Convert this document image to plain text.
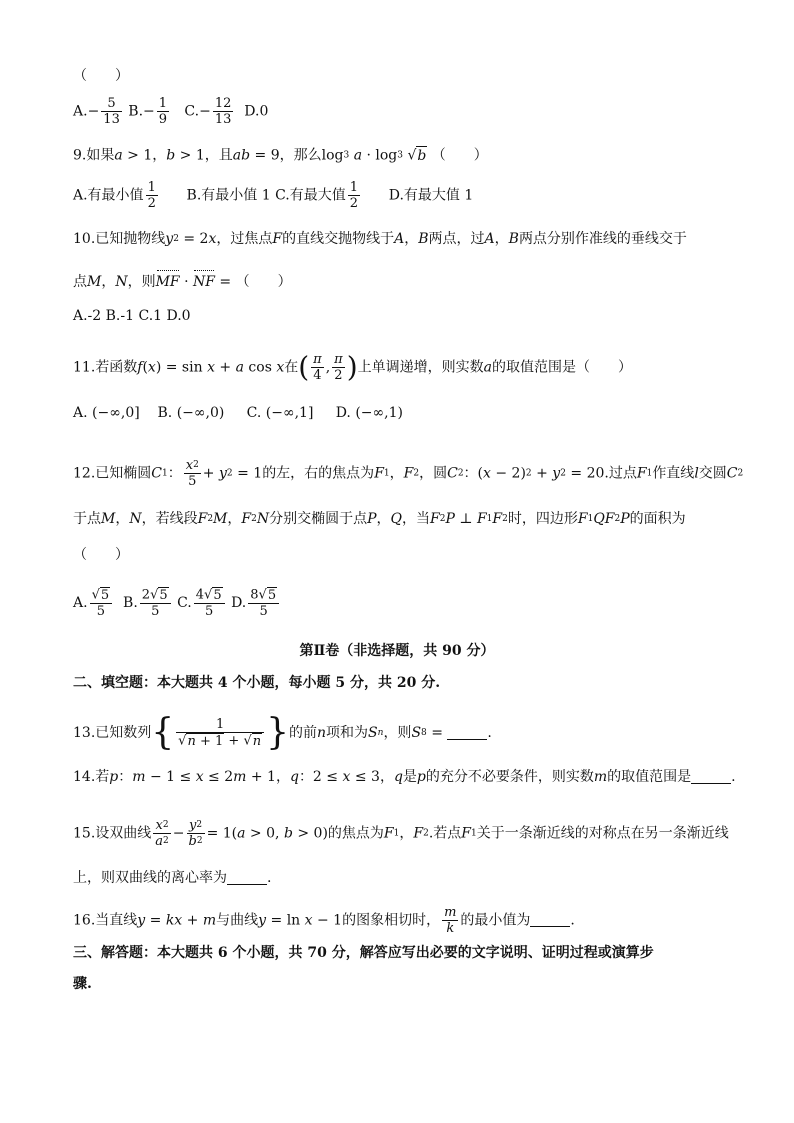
（　　）
$A.- \frac{5}{13} B.- \frac{1}{9} C.- \frac{12}{13} D.0$
9.如果a > 1，b > 1，且ab = 9，那么log3 a · log3 √b （　　）
A.有最小值 $\frac{1}{2} B$.有最小值 1 C.有最大值 $\frac{1}{2} D$.有最大值 1
10.已知抛物线y2 = 2x，过焦点F的直线交抛物线于A，B两点，过A，B两点分别作准线的垂线交于
点M，N，则MF · NF = （　　）
A.-2 B.-1 C.1 D.0
11.若函数f(x) = sin x + a cos x在( $\frac{\pi}{4}$ , $\frac{\pi}{2}$ )上单调递增，则实数a的取值范围是（　　）
A. (−∞,0] B. (−∞,0) C. (−∞,1] D. (−∞,1)
12.已知椭圆C1： $\frac{x2}{5} + y2 = 1$的左，右的焦点为F1，F2，圆C2：(x − 2)2 + y2 = 20.过点F1作直线l交圆C2
于点M，N，若线段F2M，F2N分别交椭圆于点P，Q，当F2P ⊥ F1F2时，四边形F1QF2P的面积为
（　　）
A. $\frac{√5}{5} B$. $\frac{2√5}{5} C$. $\frac{4√5}{5} D$. $\frac{8√5}{5}$
第Ⅱ卷（非选择题，共 90 分）
二、填空题：本大题共 4 个小题，每小题 5 分，共 20 分.
13.已知数列{ $\frac{1}{√n + 1 + √n}$ }的前n项和为Sn，则S8 =	.
14.若p：m − 1 ≤ x ≤ 2m + 1，q：2 ≤ x ≤ 3，q是p的充分不必要条件，则实数m的取值范围是	.
15.设双曲线 $\frac{x2}{a2} - \frac{y2}{b2} = 1(a > 0$, b > 0)的焦点为F1，F2.若点F1关于一条渐近线的对称点在另一条渐近线
上，则双曲线的离心率为	.
16.当直线y = kx + m与曲线y = ln x − 1的图象相切时， $\frac{m}{k}$ 的最小值为	.
三、解答题：本大题共 6 个小题，共 70 分，解答应写出必要的文字说明、证明过程或演算步
骤.
